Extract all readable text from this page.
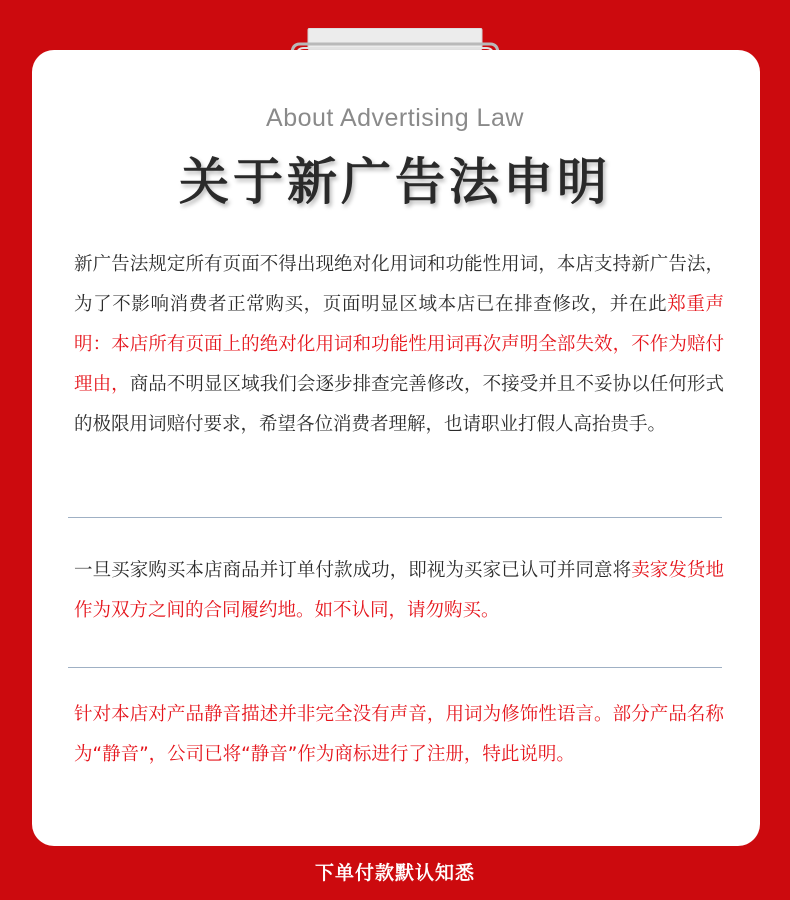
About Advertising Law
关于新广告法申明
新广告法规定所有页面不得出现绝对化用词和功能性用词，本店支持新广告法，为了不影响消费者正常购买，页面明显区域本店已在排查修改，并在此郑重声明：本店所有页面上的绝对化用词和功能性用词再次声明全部失效，不作为赔付理由，商品不明显区域我们会逐步排查完善修改，不接受并且不妥协以任何形式的极限用词赔付要求，希望各位消费者理解，也请职业打假人高抬贵手。
一旦买家购买本店商品并订单付款成功，即视为买家已认可并同意将卖家发货地作为双方之间的合同履约地。如不认同，请勿购买。
针对本店对产品静音描述并非完全没有声音，用词为修饰性语言。部分产品名称为“静音”，公司已将“静音”作为商标进行了注册，特此说明。
下单付款默认知悉
